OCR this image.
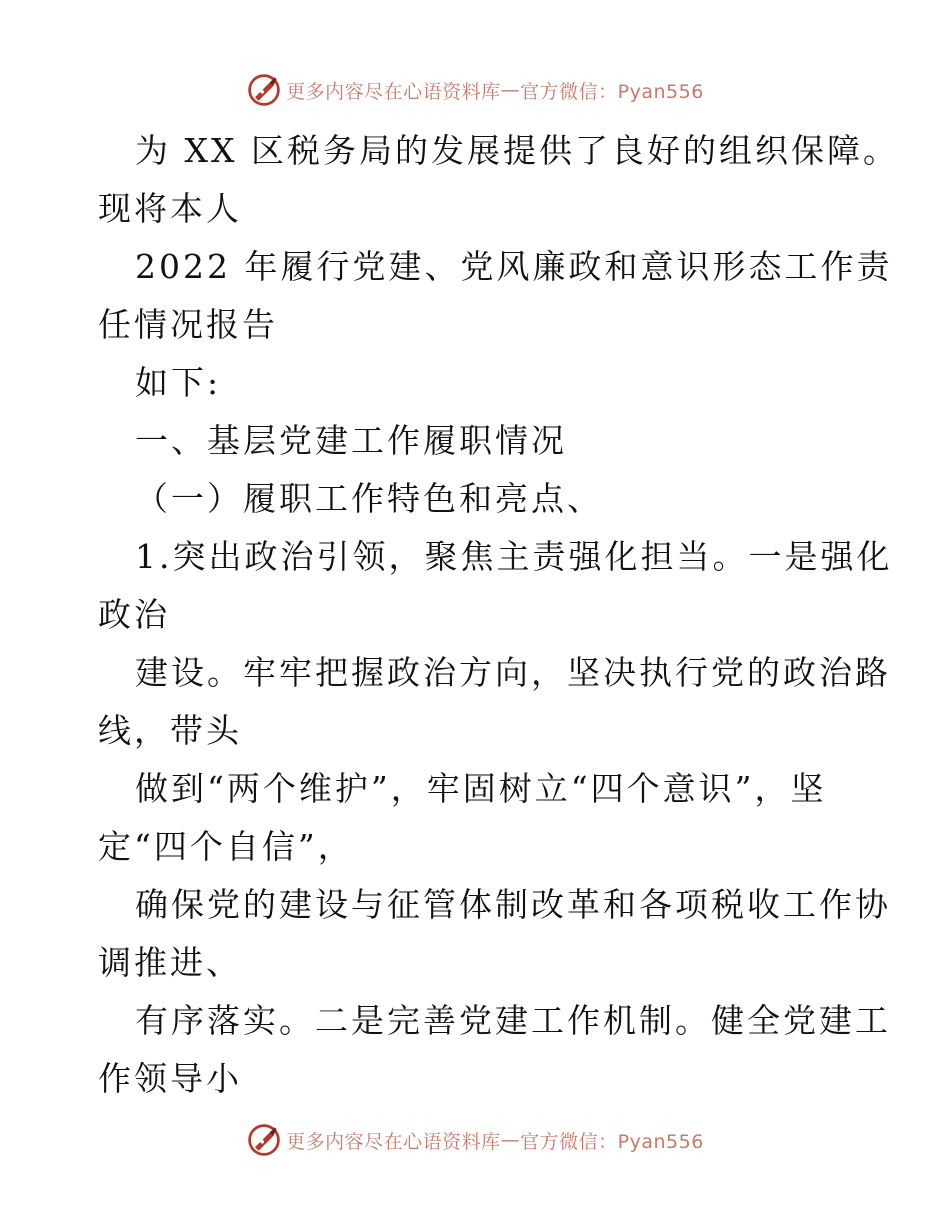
更多内容尽在心语资料库 — 官方微信：Pyan556
为 XX 区税务局的发展提供了良好的组织保障。
现将本人
2022 年履行党建、党风廉政和意识形态工作责
任情况报告
如下:
一、基层党建工作履职情况
（一）履职工作特色和亮点、
1.突出政治引领，聚焦主责强化担当。一是强化
政治
建设。牢牢把握政治方向，坚决执行党的政治路
线，带头
做到“两个维护”，牢固树立“四个意识”，坚
定“四个自信”，
确保党的建设与征管体制改革和各项税收工作协
调推进、
有序落实。二是完善党建工作机制。健全党建工
作领导小
更多内容尽在心语资料库 — 官方微信：Pyan556
